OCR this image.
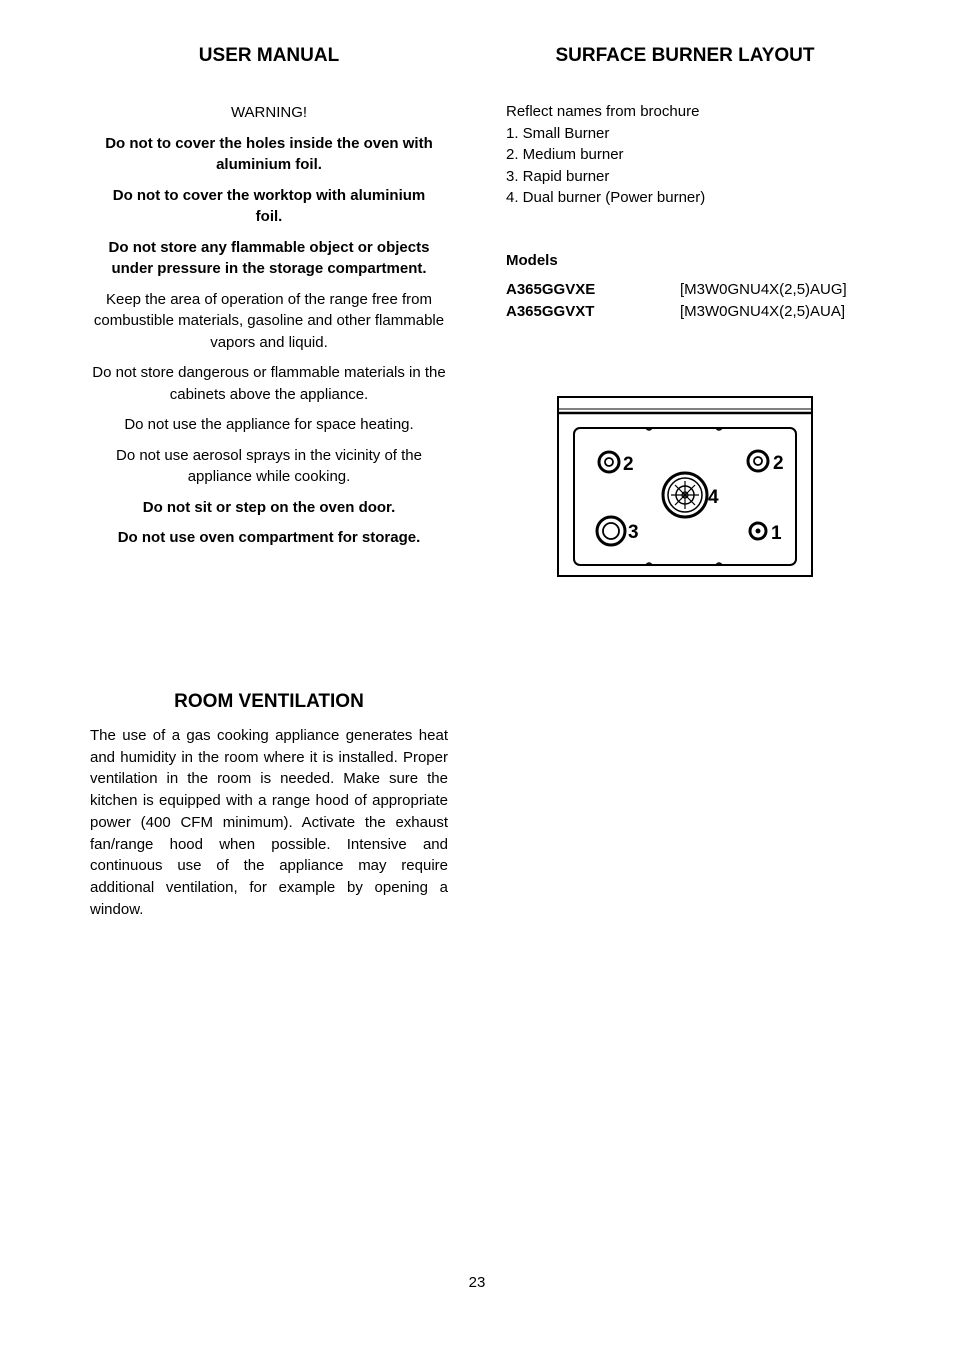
USER MANUAL	SURFACE BURNER LAYOUT

WARNING!

Do not to cover the holes inside the oven with aluminium foil.

Do not to cover the worktop with aluminium foil.

Do not store any flammable object or objects under pressure in the storage compartment.

Keep the area of operation of the range free from combustible materials, gasoline and other flammable vapors and liquid.

Do not store dangerous or flammable materials in the cabinets above the appliance.

Do not use the appliance for space heating.

Do not use aerosol sprays in the vicinity of the appliance while cooking.

Do not sit or step on the oven door.

Do not use oven compartment for storage.

Reflect names from brochure
1. Small Burner
2. Medium burner
3. Rapid burner
4. Dual burner (Power burner)
Models
A365GGVXE	[M3W0GNU4X(2,5)AUG]
A365GGVXT	[M3W0GNU4X(2,5)AUA]
2	2
4
3	1
ROOM VENTILATION
The use of a gas cooking appliance generates heat and humidity in the room where it is installed. Proper ventilation in the room is needed. Make sure the kitchen is equipped with a range hood of appropriate power (400 CFM minimum). Activate the exhaust fan/range hood when possible. Intensive and continuous use of the appliance may require additional ventilation, for example by opening a window.
23
